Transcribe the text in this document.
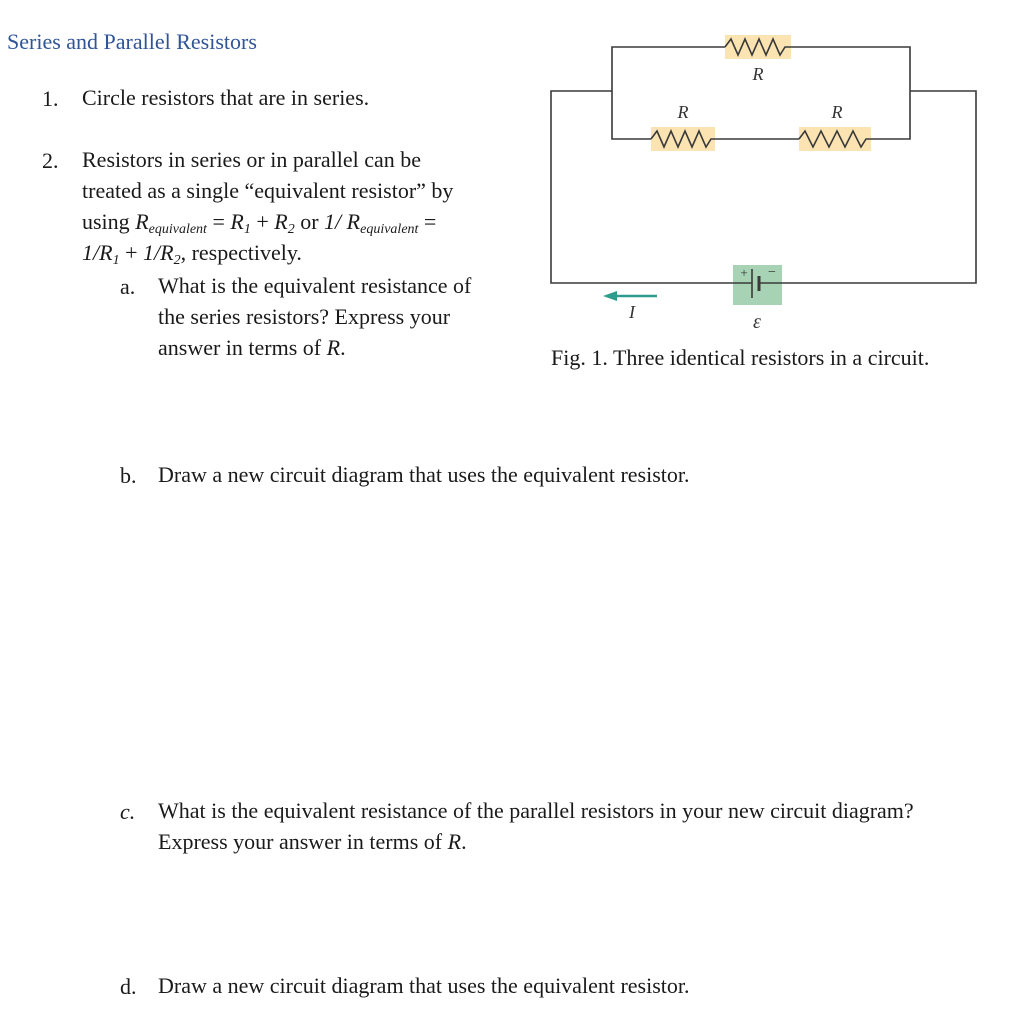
Series and Parallel Resistors
1. Circle resistors that are in series.
2. Resistors in series or in parallel can be
treated as a single “equivalent resistor” by
using Requivalent = R1 + R2 or 1/ Requivalent =
1/R1 + 1/R2, respectively.
a. What is the equivalent resistance of
the series resistors? Express your
answer in terms of R.
R
R	R
+ −
ε
I
Fig. 1. Three identical resistors in a circuit.
b. Draw a new circuit diagram that uses the equivalent resistor.
c. What is the equivalent resistance of the parallel resistors in your new circuit diagram?
Express your answer in terms of R.
d. Draw a new circuit diagram that uses the equivalent resistor.
